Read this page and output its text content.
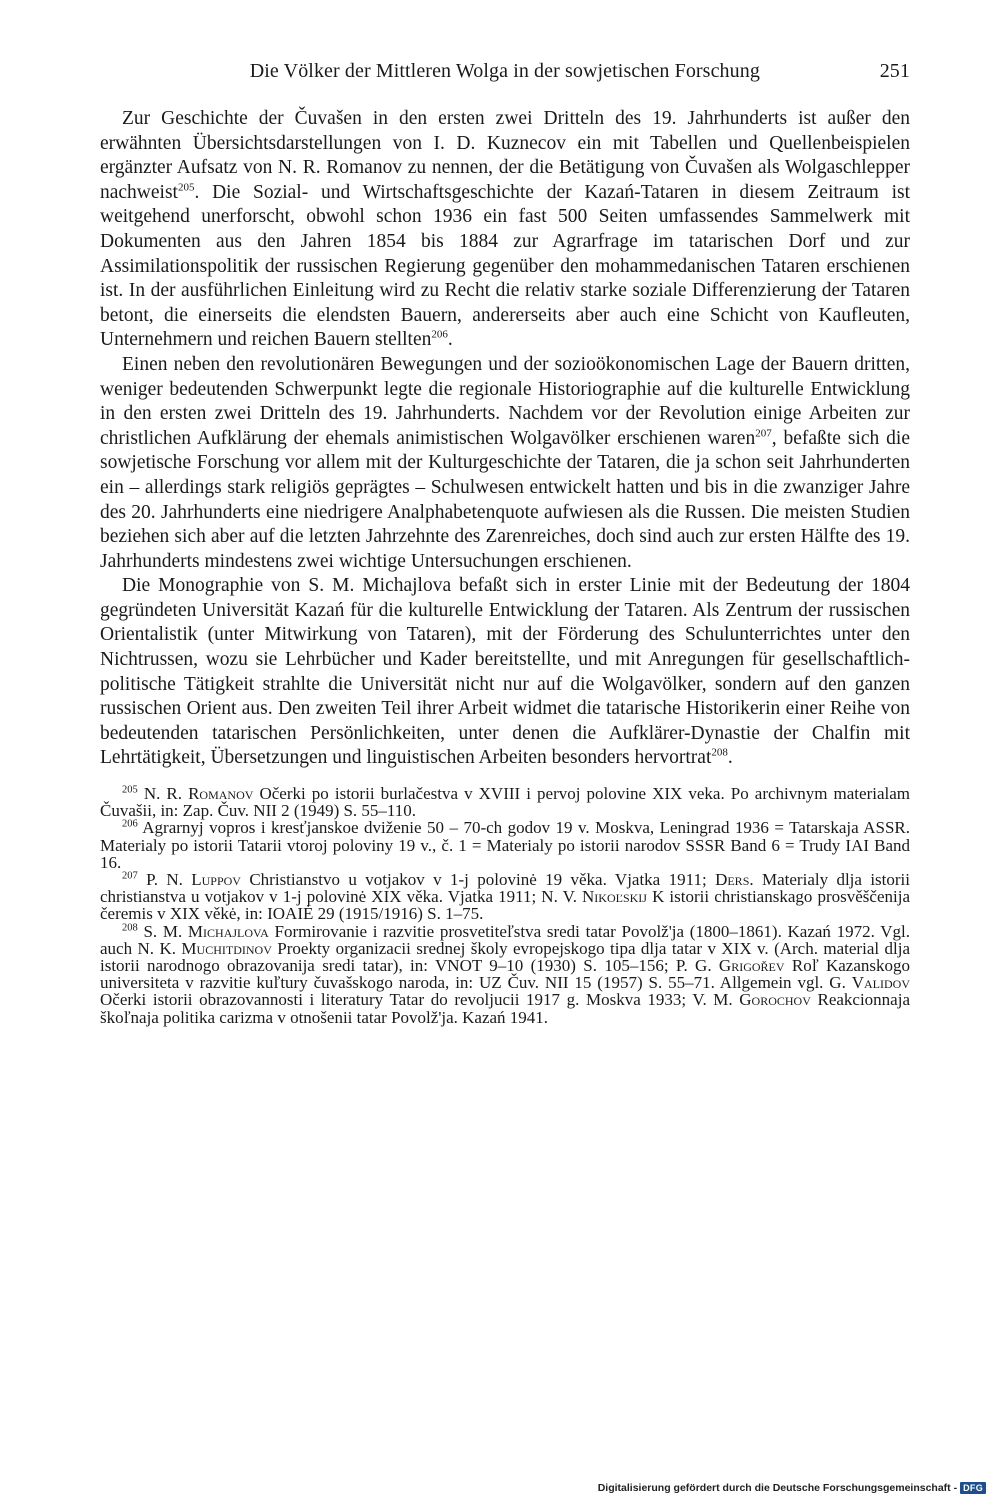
Die Völker der Mittleren Wolga in der sowjetischen Forschung	251

Zur Geschichte der Čuvašen in den ersten zwei Dritteln des 19. Jahrhunderts ist außer den erwähnten Übersichtsdarstellungen von I. D. Kuznecov ein mit Tabellen und Quellenbeispielen ergänzter Aufsatz von N. R. Romanov zu nennen, der die Betätigung von Čuvašen als Wolgaschlepper nachweist$^{205}$. Die Sozial- und Wirtschaftsgeschichte der Kazań-Tataren in diesem Zeitraum ist weitgehend unerforscht, obwohl schon 1936 ein fast 500 Seiten umfassendes Sammelwerk mit Dokumenten aus den Jahren 1854 bis 1884 zur Agrarfrage im tatarischen Dorf und zur Assimilationspolitik der russischen Regierung gegenüber den mohammedanischen Tataren erschienen ist. In der ausführlichen Einleitung wird zu Recht die relativ starke soziale Differenzierung der Tataren betont, die einerseits die elendsten Bauern, andererseits aber auch eine Schicht von Kaufleuten, Unternehmern und reichen Bauern stellten$^{206}$.

Einen neben den revolutionären Bewegungen und der sozioökonomischen Lage der Bauern dritten, weniger bedeutenden Schwerpunkt legte die regionale Historiographie auf die kulturelle Entwicklung in den ersten zwei Dritteln des 19. Jahrhunderts. Nachdem vor der Revolution einige Arbeiten zur christlichen Aufklärung der ehemals animistischen Wolgavölker erschienen waren$^{207}$, befaßte sich die sowjetische Forschung vor allem mit der Kulturgeschichte der Tataren, die ja schon seit Jahrhunderten ein – allerdings stark religiös geprägtes – Schulwesen entwickelt hatten und bis in die zwanziger Jahre des 20. Jahrhunderts eine niedrigere Analphabetenquote aufwiesen als die Russen. Die meisten Studien beziehen sich aber auf die letzten Jahrzehnte des Zarenreiches, doch sind auch zur ersten Hälfte des 19. Jahrhunderts mindestens zwei wichtige Untersuchungen erschienen.

Die Monographie von S. M. Michajlova befaßt sich in erster Linie mit der Bedeutung der 1804 gegründeten Universität Kazań für die kulturelle Entwicklung der Tataren. Als Zentrum der russischen Orientalistik (unter Mitwirkung von Tataren), mit der Förderung des Schulunterrichtes unter den Nichtrussen, wozu sie Lehrbücher und Kader bereitstellte, und mit Anregungen für gesellschaftlich-politische Tätigkeit strahlte die Universität nicht nur auf die Wolgavölker, sondern auf den ganzen russischen Orient aus. Den zweiten Teil ihrer Arbeit widmet die tatarische Historikerin einer Reihe von bedeutenden tatarischen Persönlichkeiten, unter denen die Aufklärer-Dynastie der Chalfin mit Lehrtätigkeit, Übersetzungen und linguistischen Arbeiten besonders hervortrat$^{208}$.

$^{205}$ N. R. Romanov Očerki po istorii burlačestva v XVIII i pervoj polovine XIX veka. Po archivnym materialam Čuvašii, in: Zap. Čuv. NII 2 (1949) S. 55–110.

$^{206}$ Agrarnyj vopros i kresťjanskoe dviženie 50 – 70-ch godov 19 v. Moskva, Leningrad 1936 = Tatarskaja ASSR. Materialy po istorii Tatarii vtoroj poloviny 19 v., č. 1 = Materialy po istorii narodov SSSR Band 6 = Trudy IAI Band 16.

$^{207}$ P. N. Luppov Christianstvo u votjakov v 1-j polovinė 19 věka. Vjatka 1911; Ders. Materialy dlja istorii christianstva u votjakov v 1-j polovinė XIX věka. Vjatka 1911; N. V. Nikoľskij K istorii christianskago prosvěščenija čeremis v XIX věkė, in: IOAIĖ 29 (1915/1916) S. 1–75.

$^{208}$ S. M. Michajlova Formirovanie i razvitie prosvetiteľstva sredi tatar Povolž'ja (1800–1861). Kazań 1972. Vgl. auch N. K. Muchitdinov Proekty organizacii srednej školy evropejskogo tipa dlja tatar v XIX v. (Arch. material dlja istorii narodnogo obrazovanija sredi tatar), in: VNOT 9–10 (1930) S. 105–156; P. G. Grigořev Roľ Kazanskogo universiteta v razvitie kuľtury čuvašskogo naroda, in: UZ Čuv. NII 15 (1957) S. 55–71. Allgemein vgl. G. Validov Očerki istorii obrazovannosti i literatury Tatar do revoljucii 1917 g. Moskva 1933; V. M. Gorochov Reakcionnaja škoľnaja politika carizma v otnošenii tatar Povolž'ja. Kazań 1941.

Digitalisierung gefördert durch die Deutsche Forschungsgemeinschaft - DFG
